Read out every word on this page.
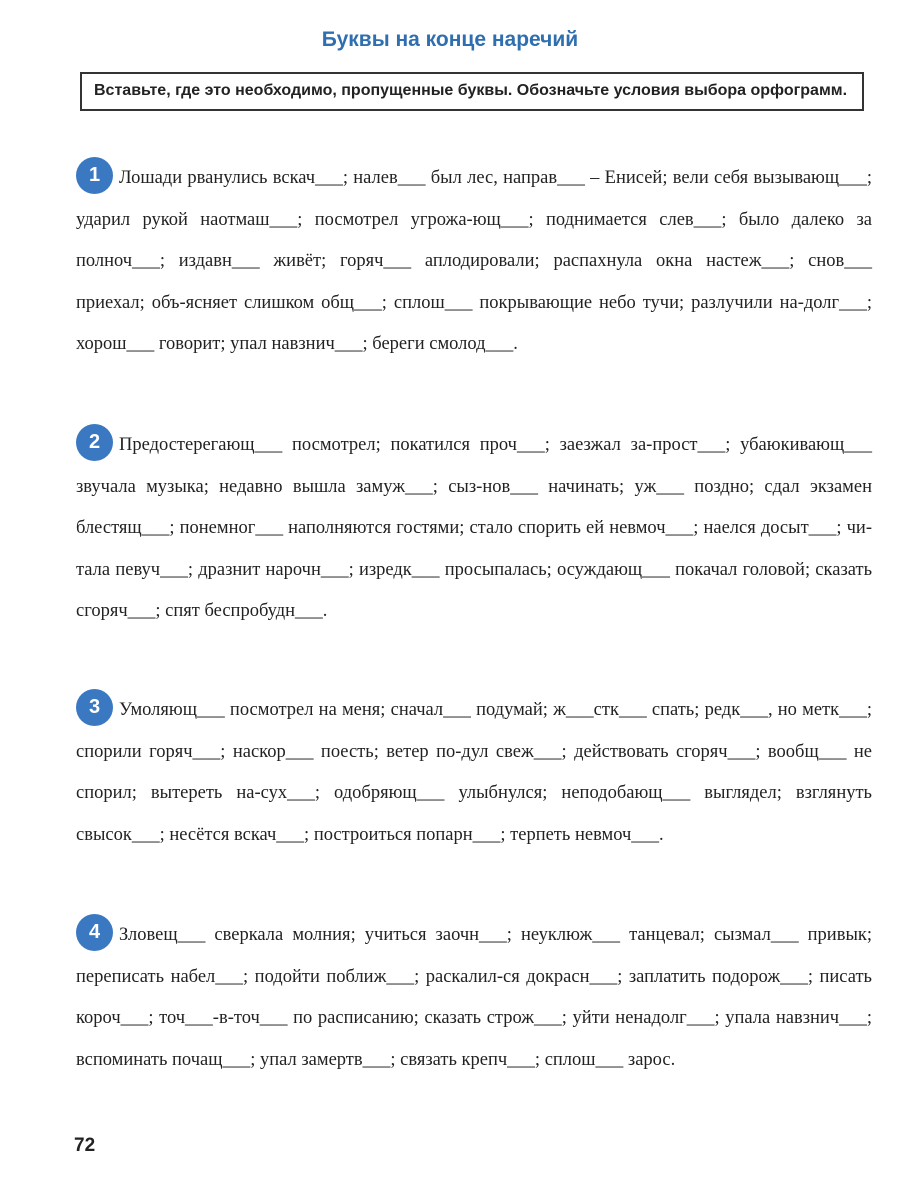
Буквы на конце наречий
Вставьте, где это необходимо, пропущенные буквы. Обозначьте условия выбора орфограмм.
1 Лошади рванулись вскач___; налев___ был лес, направ___ – Енисей; вели себя вызывающ___; ударил рукой наотмаш___; посмотрел угрожа-ющ___; поднимается слев___; было далеко за полноч___; издавн___ живёт; горяч___ аплодировали; распахнула окна настеж___; снов___ приехал; объ-ясняет слишком общ___; сплош___ покрывающие небо тучи; разлучили на-долг___; хорош___ говорит; упал навзнич___; береги смолод___.
2 Предостерегающ___ посмотрел; покатился проч___; заезжал за-прост___; убаюкивающ___ звучала музыка; недавно вышла замуж___; сыз-нов___ начинать; уж___ поздно; сдал экзамен блестящ___; понемног___ наполняются гостями; стало спорить ей невмоч___; наелся досыт___; чи-тала певуч___; дразнит нарочн___; изредк___ просыпалась; осуждающ___ покачал головой; сказать сгоряч___; спят беспробудн___.
3 Умоляющ___ посмотрел на меня; сначал___ подумай; ж___стк___ спать; редк___, но метк___; спорили горяч___; наскор___ поесть; ветер по-дул свеж___; действовать сгоряч___; вообщ___ не спорил; вытереть на-сух___; одобряющ___ улыбнулся; неподобающ___ выглядел; взглянуть свысок___; несётся вскач___; построиться попарн___; терпеть невмоч___.
4 Зловещ___ сверкала молния; учиться заочн___; неуклюж___ танцевал; сызмал___ привык; переписать набел___; подойти поближ___; раскалил-ся докрасн___; заплатить подорож___; писать короч___; точ___-в-точ___ по расписанию; сказать строж___; уйти ненадолг___; упала навзнич___; вспоминать почащ___; упал замертв___; связать крепч___; сплош___ зарос.
72
